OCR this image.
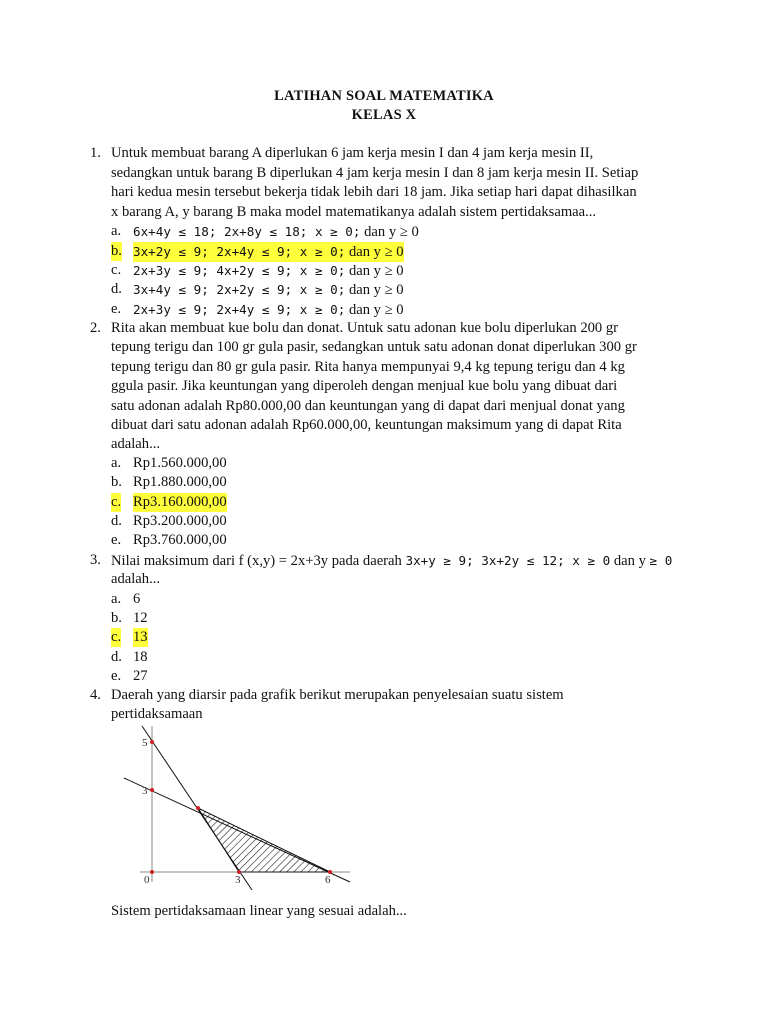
LATIHAN SOAL MATEMATIKA
KELAS X
1. Untuk membuat barang A diperlukan 6 jam kerja mesin I dan 4 jam kerja mesin II,
sedangkan untuk barang B diperlukan 4 jam kerja mesin I dan 8 jam kerja mesin II. Setiap
hari kedua mesin tersebut bekerja tidak lebih dari 18 jam. Jika setiap hari dapat dihasilkan
x barang A, y barang B maka model matematikanya adalah sistem pertidaksamaa...
a. 6x+4y ≤ 18; 2x+8y ≤ 18; x ≥ 0; dan y ≥ 0
b. 3x+2y ≤ 9; 2x+4y ≤ 9; x ≥ 0; dan y ≥ 0
c. 2x+3y ≤ 9; 4x+2y ≤ 9; x ≥ 0; dan y ≥ 0
d. 3x+4y ≤ 9; 2x+2y ≤ 9; x ≥ 0; dan y ≥ 0
e. 2x+3y ≤ 9; 2x+4y ≤ 9; x ≥ 0; dan y ≥ 0
2. Rita akan membuat kue bolu dan donat. Untuk satu adonan kue bolu diperlukan 200 gr
tepung terigu dan 100 gr gula pasir, sedangkan untuk satu adonan donat diperlukan 300 gr
tepung terigu dan 80 gr gula pasir. Rita hanya mempunyai 9,4 kg tepung terigu dan 4 kg
ggula pasir. Jika keuntungan yang diperoleh dengan menjual kue bolu yang dibuat dari
satu adonan adalah Rp80.000,00 dan keuntungan yang di dapat dari menjual donat yang
dibuat dari satu adonan adalah Rp60.000,00, keuntungan maksimum yang di dapat Rita
adalah...
a. Rp1.560.000,00
b. Rp1.880.000,00
c. Rp3.160.000,00
d. Rp3.200.000,00
e. Rp3.760.000,00
3. Nilai maksimum dari f (x,y) = 2x+3y pada daerah 3x+y ≥ 9; 3x+2y ≤ 12; x ≥ 0 dan y ≥ 0
adalah...
a. 6
b. 12
c. 13
d. 18
e. 27
4. Daerah yang diarsir pada grafik berikut merupakan penyelesaian suatu sistem
pertidaksamaan
5
3
0	3	6
Sistem pertidaksamaan linear yang sesuai adalah...
